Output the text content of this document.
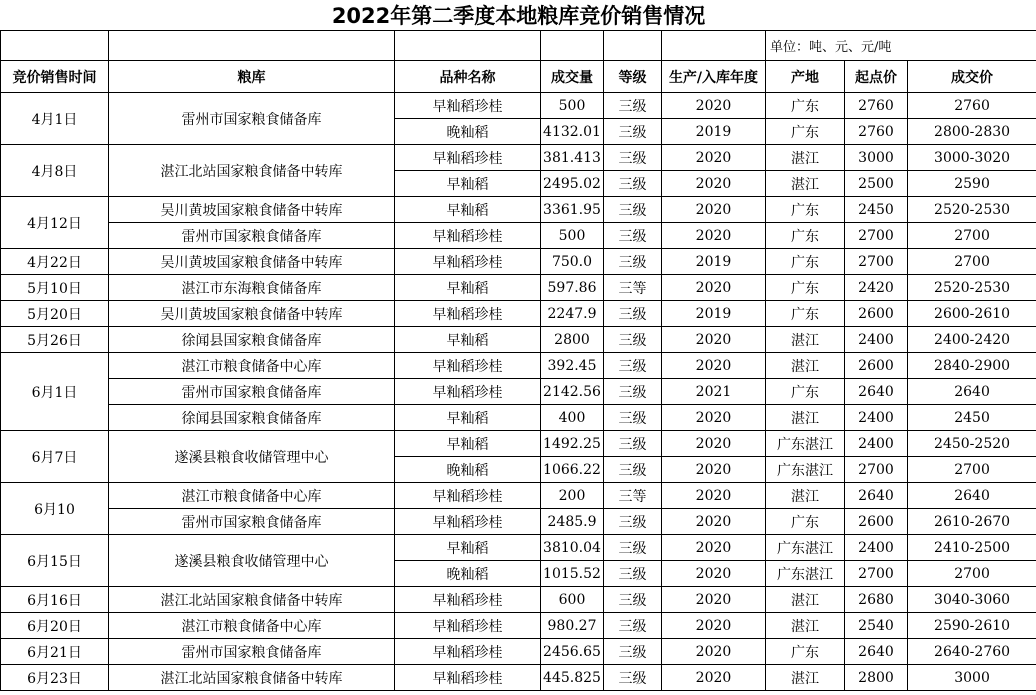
2022年第二季度本地粮库竞价销售情况								
						单位：吨、元、元/吨		
竞价销售时间	粮库	品种名称	成交量	等级	生产/入库年度	产地	起点价	成交价
4月1日	雷州市国家粮食储备库	早籼稻珍桂	500	三级	2020	广东	2760	2760
		晚籼稻	4132.01	三级	2019	广东	2760	2800-2830
4月8日	湛江北站国家粮食储备中转库	早籼稻珍桂	381.413	三级	2020	湛江	3000	3000-3020
		早籼稻	2495.02	三级	2020	湛江	2500	2590
4月12日	吴川黄坡国家粮食储备中转库	早籼稻	3361.95	三级	2020	广东	2450	2520-2530
	雷州市国家粮食储备库	早籼稻珍桂	500	三级	2020	广东	2700	2700
4月22日	吴川黄坡国家粮食储备中转库	早籼稻珍桂	750.0	三级	2019	广东	2700	2700
5月10日	湛江市东海粮食储备库	早籼稻	597.86	三等	2020	广东	2420	2520-2530
5月20日	吴川黄坡国家粮食储备中转库	早籼稻珍桂	2247.9	三级	2019	广东	2600	2600-2610
5月26日	徐闻县国家粮食储备库	早籼稻	2800	三级	2020	湛江	2400	2400-2420
6月1日	湛江市粮食储备中心库	早籼稻珍桂	392.45	三级	2020	湛江	2600	2840-2900
	雷州市国家粮食储备库	早籼稻珍桂	2142.56	三级	2021	广东	2640	2640
	徐闻县国家粮食储备库	早籼稻	400	三级	2020	湛江	2400	2450
6月7日	遂溪县粮食收储管理中心	早籼稻	1492.25	三级	2020	广东湛江	2400	2450-2520
		晚籼稻	1066.22	三级	2020	广东湛江	2700	2700
6月10	湛江市粮食储备中心库	早籼稻珍桂	200	三等	2020	湛江	2640	2640
	雷州市国家粮食储备库	早籼稻珍桂	2485.9	三级	2020	广东	2600	2610-2670
6月15日	遂溪县粮食收储管理中心	早籼稻	3810.04	三级	2020	广东湛江	2400	2410-2500
		晚籼稻	1015.52	三级	2020	广东湛江	2700	2700
6月16日	湛江北站国家粮食储备中转库	早籼稻珍桂	600	三级	2020	湛江	2680	3040-3060
6月20日	湛江市粮食储备中心库	早籼稻珍桂	980.27	三级	2020	湛江	2540	2590-2610
6月21日	雷州市国家粮食储备库	早籼稻珍桂	2456.65	三级	2020	广东	2640	2640-2760
6月23日	湛江北站国家粮食储备中转库	早籼稻珍桂	445.825	三级	2020	湛江	2800	3000
